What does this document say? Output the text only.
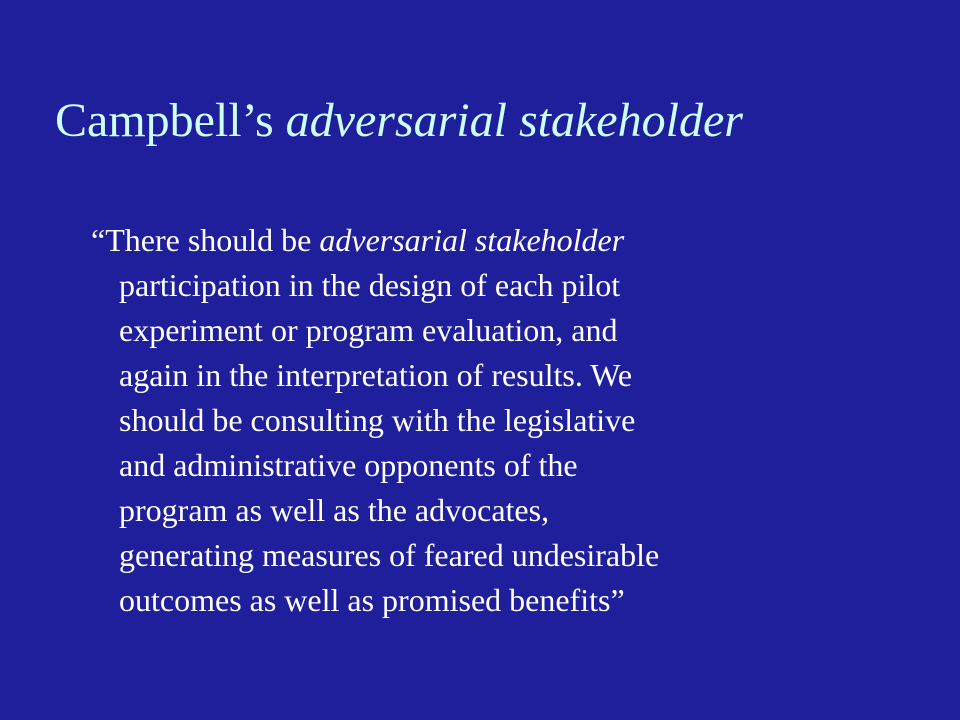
Campbell’s adversarial stakeholder
“There should be adversarial stakeholder
participation in the design of each pilot
experiment or program evaluation, and
again in the interpretation of results. We
should be consulting with the legislative
and administrative opponents of the
program as well as the advocates,
generating measures of feared undesirable
outcomes as well as promised benefits”
